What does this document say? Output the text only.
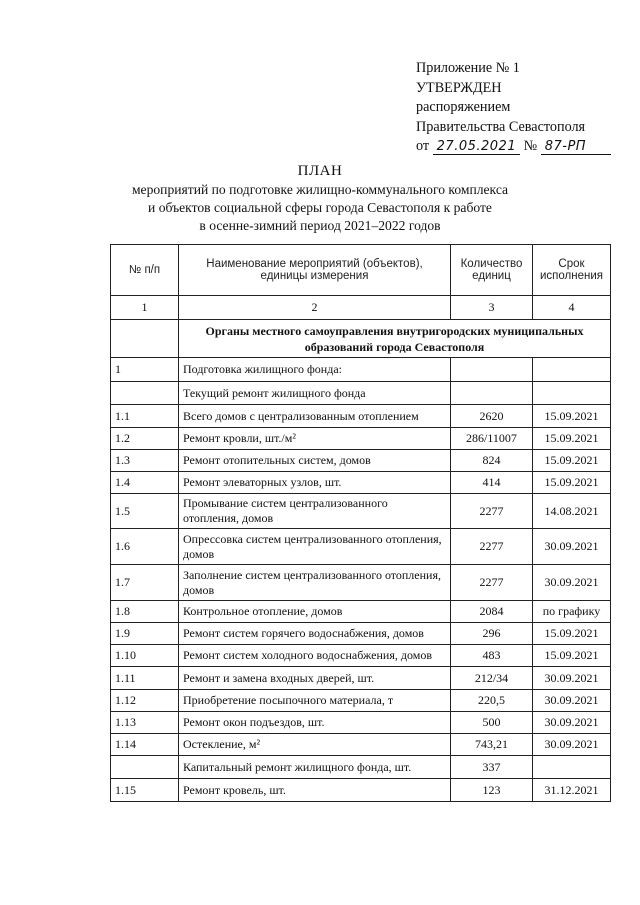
Приложение № 1
УТВЕРЖДЕН
распоряжением
Правительства Севастополя
от 27.05.2021 № 87-РП
ПЛАН
мероприятий по подготовке жилищно-коммунального комплекса
и объектов социальной сферы города Севастополя к работе
в осенне-зимний период 2021–2022 годов
№ п/п	Наименование мероприятий (объектов), единицы измерения	Количество единиц	Срок
исполнения

1	2	3	4
	Органы местного самоуправления внутригородских муниципальных образований города Севастополя		
1	Подготовка жилищного фонда:		
	Текущий ремонт жилищного фонда		
1.1	Всего домов с централизованным отоплением	2620	15.09.2021
1.2	Ремонт кровли, шт./м²	286/11007	15.09.2021
1.3	Ремонт отопительных систем, домов	824	15.09.2021
1.4	Ремонт элеваторных узлов, шт.	414	15.09.2021
1.5	Промывание систем централизованного отопления, домов	2277	14.08.2021
1.6	Опрессовка систем централизованного отопления, домов	2277	30.09.2021
1.7	Заполнение систем централизованного отопления, домов	2277	30.09.2021
1.8	Контрольное отопление, домов	2084	по графику
1.9	Ремонт систем горячего водоснабжения, домов	296	15.09.2021
1.10	Ремонт систем холодного водоснабжения, домов	483	15.09.2021
1.11	Ремонт и замена входных дверей, шт.	212/34	30.09.2021
1.12	Приобретение посыпочного материала, т	220,5	30.09.2021
1.13	Ремонт окон подъездов, шт.	500	30.09.2021
1.14	Остекление, м²	743,21	30.09.2021
	Капитальный ремонт жилищного фонда, шт.	337	
1.15	Ремонт кровель, шт.	123	31.12.2021
